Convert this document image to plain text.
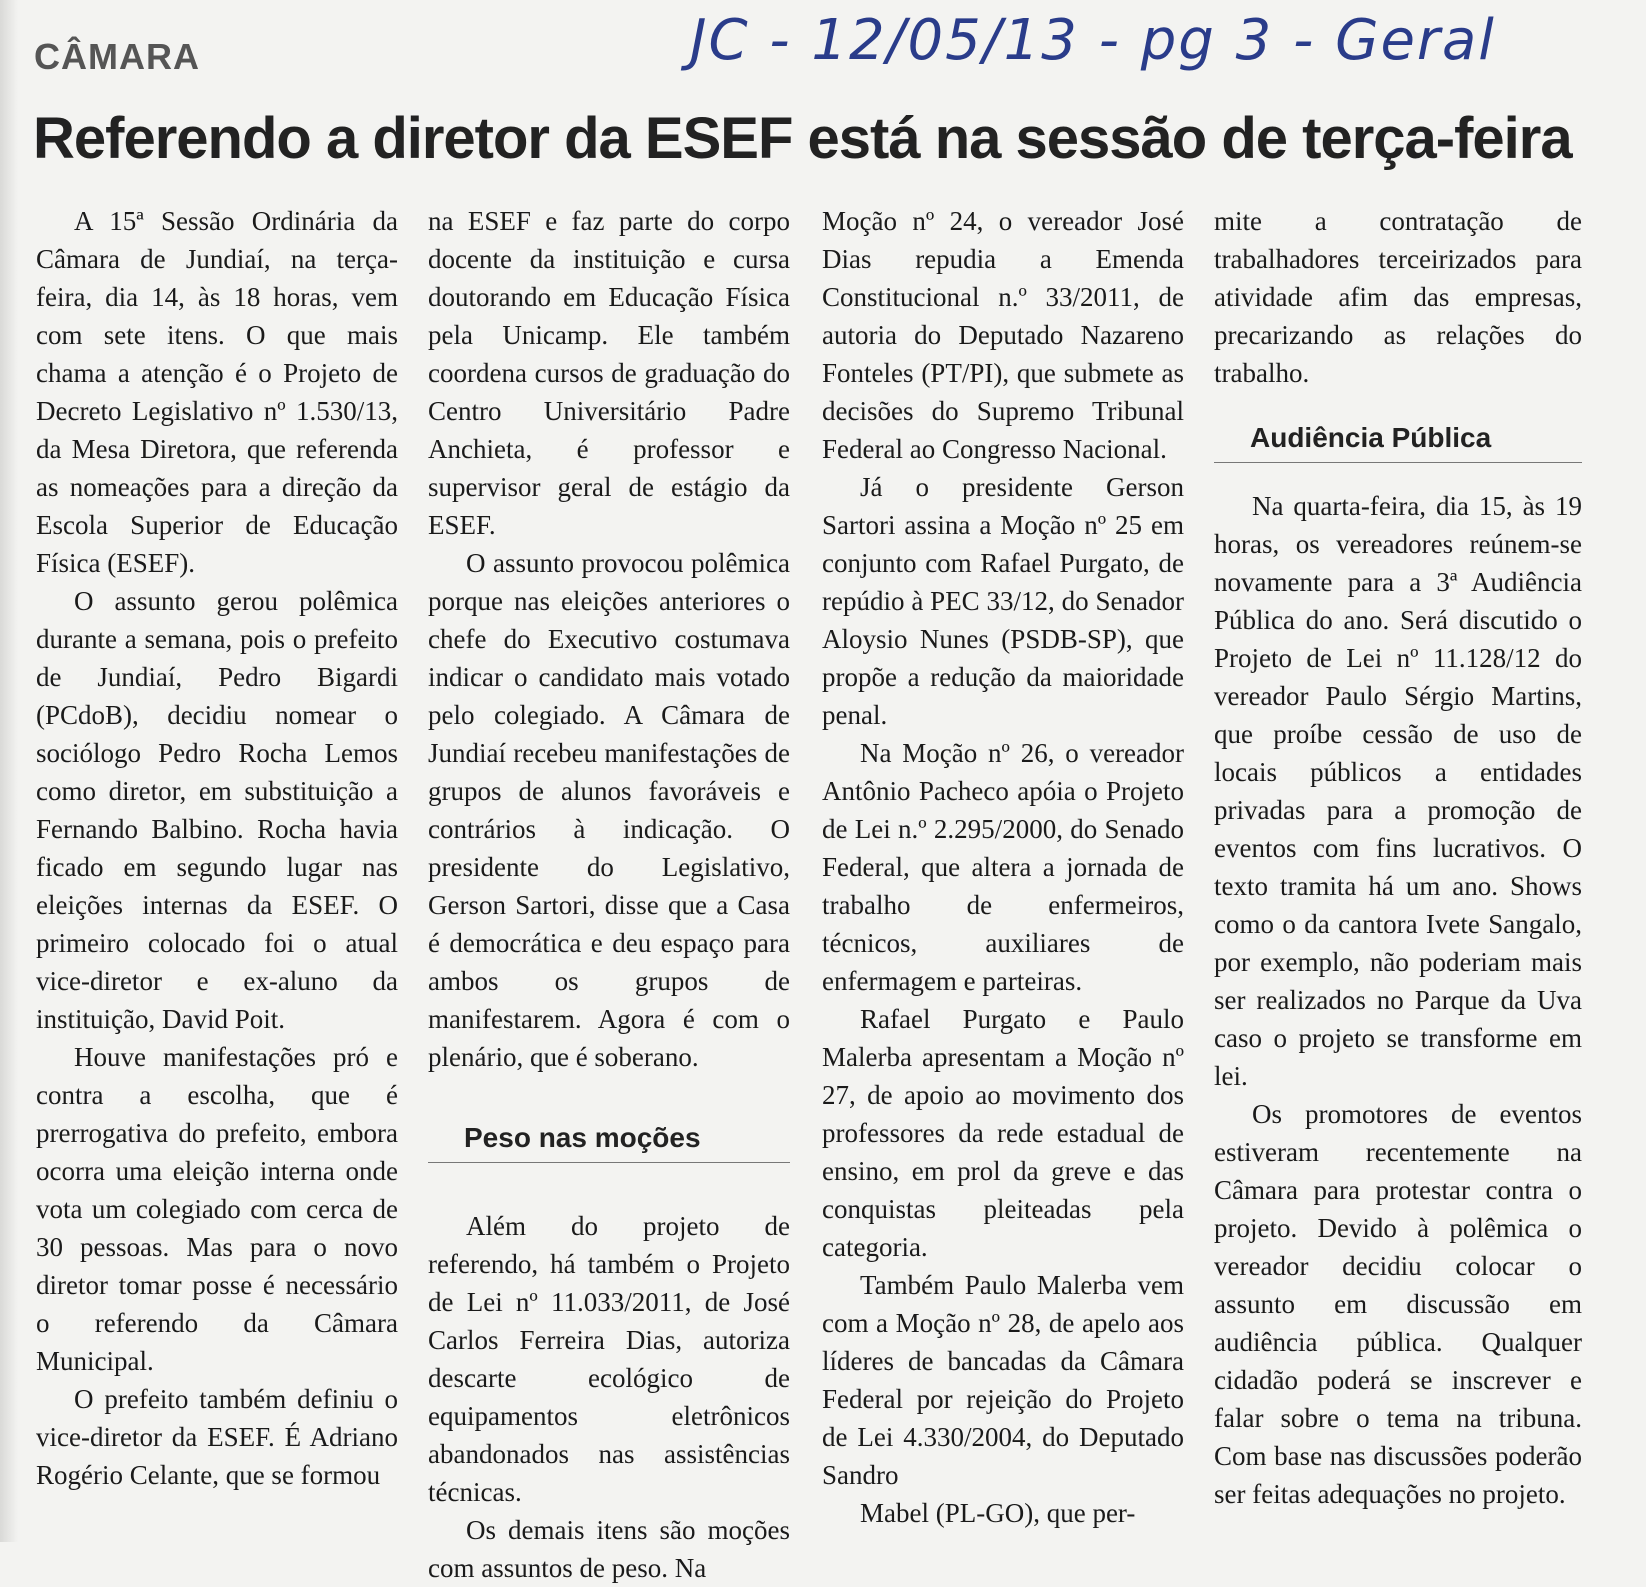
CÂMARA	JC - 12/05/13 - pg 3 - Geral
Referendo a diretor da ESEF está na sessão de terça-feira

A 15ª Sessão Ordinária da Câmara de Jundiaí, na terça-feira, dia 14, às 18 horas, vem com sete itens. O que mais chama a atenção é o Projeto de Decreto Legislativo nº 1.530/13, da Mesa Diretora, que referenda as nomeações para a direção da Escola Superior de Educação Física (ESEF).

O assunto gerou polêmica durante a semana, pois o prefeito de Jundiaí, Pedro Bigardi (PCdoB), decidiu nomear o sociólogo Pedro Rocha Lemos como diretor, em substituição a Fernando Balbino. Rocha havia ficado em segundo lugar nas eleições internas da ESEF. O primeiro colocado foi o atual vice-diretor e ex-aluno da instituição, David Poit.

Houve manifestações pró e contra a escolha, que é prerrogativa do prefeito, embora ocorra uma eleição interna onde vota um colegiado com cerca de 30 pessoas. Mas para o novo diretor tomar posse é necessário o referendo da Câmara Municipal.

O prefeito também definiu o vice-diretor da ESEF. É Adriano Rogério Celante, que se formou

na ESEF e faz parte do corpo docente da instituição e cursa doutorando em Educação Física pela Unicamp. Ele também coordena cursos de graduação do Centro Universitário Padre Anchieta, é professor e supervisor geral de estágio da ESEF.

O assunto provocou polêmica porque nas eleições anteriores o chefe do Executivo costumava indicar o candidato mais votado pelo colegiado. A Câmara de Jundiaí recebeu manifestações de grupos de alunos favoráveis e contrários à indicação. O presidente do Legislativo, Gerson Sartori, disse que a Casa é democrática e deu espaço para ambos os grupos de manifestarem. Agora é com o plenário, que é soberano.

Peso nas moções

Além do projeto de referendo, há também o Projeto de Lei nº 11.033/2011, de José Carlos Ferreira Dias, autoriza descarte ecológico de equipamentos eletrônicos abandonados nas assistências técnicas.

Os demais itens são moções com assuntos de peso. Na

Moção nº 24, o vereador José Dias repudia a Emenda Constitucional n.º 33/2011, de autoria do Deputado Nazareno Fonteles (PT/PI), que submete as decisões do Supremo Tribunal Federal ao Congresso Nacional.

Já o presidente Gerson Sartori assina a Moção nº 25 em conjunto com Rafael Purgato, de repúdio à PEC 33/12, do Senador Aloysio Nunes (PSDB-SP), que propõe a redução da maioridade penal.

Na Moção nº 26, o vereador Antônio Pacheco apóia o Projeto de Lei n.º 2.295/2000, do Senado Federal, que altera a jornada de trabalho de enfermeiros, técnicos, auxiliares de enfermagem e parteiras.

Rafael Purgato e Paulo Malerba apresentam a Moção nº 27, de apoio ao movimento dos professores da rede estadual de ensino, em prol da greve e das conquistas pleiteadas pela categoria.

Também Paulo Malerba vem com a Moção nº 28, de apelo aos líderes de bancadas da Câmara Federal por rejeição do Projeto de Lei 4.330/2004, do Deputado Sandro

Mabel (PL-GO), que per-

mite a contratação de trabalhadores terceirizados para atividade afim das empresas, precarizando as relações do trabalho.

Audiência Pública

Na quarta-feira, dia 15, às 19 horas, os vereadores reúnem-se novamente para a 3ª Audiência Pública do ano. Será discutido o Projeto de Lei nº 11.128/12 do vereador Paulo Sérgio Martins, que proíbe cessão de uso de locais públicos a entidades privadas para a promoção de eventos com fins lucrativos. O texto tramita há um ano. Shows como o da cantora Ivete Sangalo, por exemplo, não poderiam mais ser realizados no Parque da Uva caso o projeto se transforme em lei.

Os promotores de eventos estiveram recentemente na Câmara para protestar contra o projeto. Devido à polêmica o vereador decidiu colocar o assunto em discussão em audiência pública. Qualquer cidadão poderá se inscrever e falar sobre o tema na tribuna. Com base nas discussões poderão ser feitas adequações no projeto.
